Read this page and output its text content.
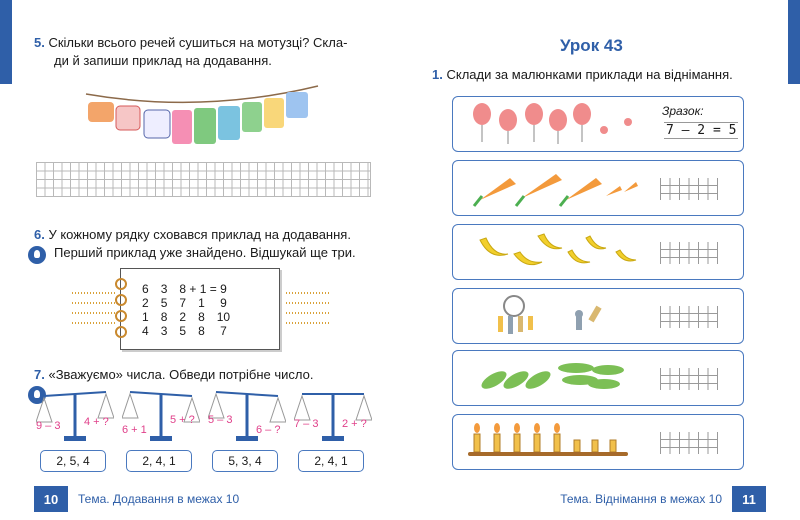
5. Скільки всього речей сушиться на мотузці? Скла-
ди й запиши приклад на додавання.
6. У кожному рядку сховався приклад на додавання.
Перший приклад уже знайдено. Відшукай ще три.
6	3	8 + 1 = 9		
2	5	7	1	9
1	8	2	8	10
4	3	5	8	7
7. «Зважуємо» числа. Обведи потрібне число.
9 – 3 4 + ?
2, 5, 4
6 + 1
5 + ?
2, 4, 1
5 – 3
6 – ?
5, 3, 4
7 – 3 2 + ?
2, 4, 1
10	Тема. Додавання в межах 10
Урок 43
1. Склади за малюнками приклади на віднімання.
Зразок:
7 – 2 = 5
Тема. Віднімання в межах 10	11
